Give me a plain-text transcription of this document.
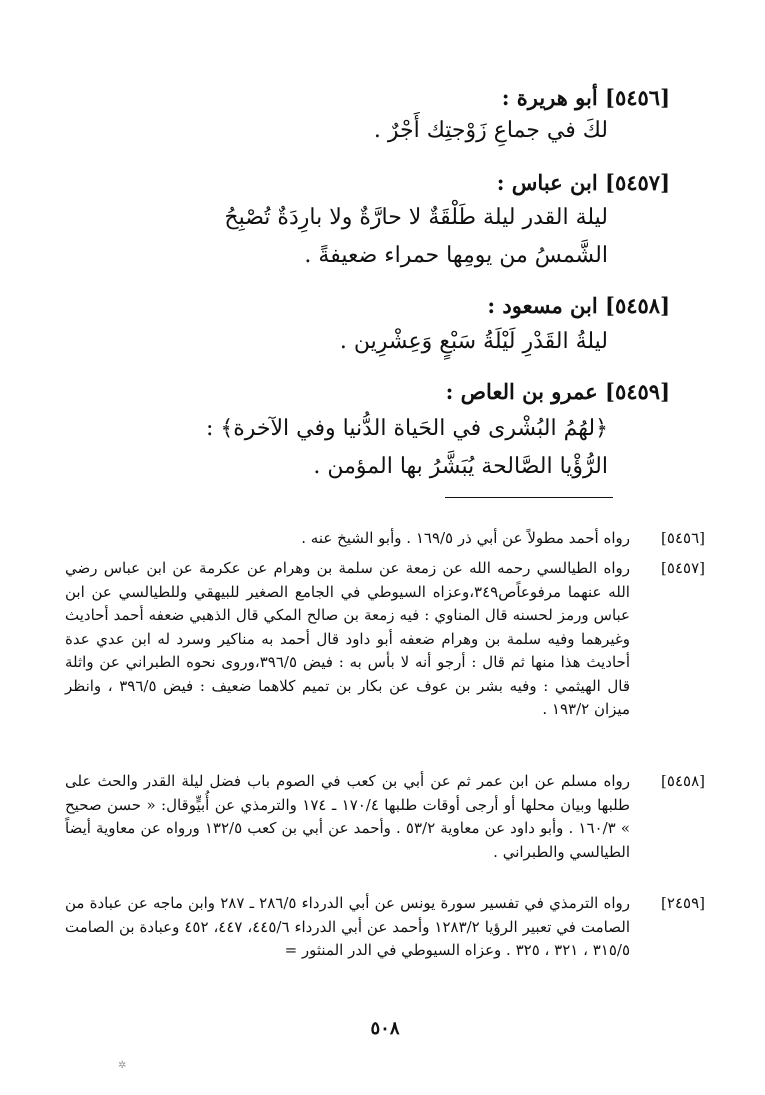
[٥٤٥٦] أبو هريرة :
لكَ في جماعِ زَوْجتِك أَجْرٌ .
[٥٤٥٧] ابن عباس :
ليلة القدر ليلة طَلْقَةٌ لا حارَّةٌ ولا بارِدَةٌ تُصْبِحُ الشَّمسُ من يومِها حمراء ضعيفةً .
[٥٤٥٨] ابن مسعود :
ليلةُ القَدْرِ لَيْلَةُ سَبْعٍ وَعِشْرِين .
[٥٤٥٩] عمرو بن العاص :
﴿لهُمُ البُشْرى في الحَياة الدُّنيا وفي الآخرة﴾ : الرُّؤْيا الصَّالحة يُبَشَّرُ بها المؤمن .
[٥٤٥٦]
رواه أحمد مطولاً عن أبي ذر ١٦٩/٥ . وأبو الشيخ عنه .
[٥٤٥٧]
رواه الطيالسي رحمه الله عن زمعة عن سلمة بن وهرام عن عكرمة عن ابن عباس رضي الله عنهما مرفوعاًص٣٤٩،وعزاه السيوطي في الجامع الصغير للبيهقي وللطيالسي عن ابن عباس ورمز لحسنه قال المناوي : فيه زمعة بن صالح المكي قال الذهبي ضعفه أحمد أحاديث وغيرهما وفيه سلمة بن وهرام ضعفه أبو داود قال أحمد به مناكير وسرد له ابن عدي عدة أحاديث هذا منها ثم قال : أرجو أنه لا بأس به : فيض ٣٩٦/٥،وروى نحوه الطبراني عن واثلة قال الهيثمي : وفيه بشر بن عوف عن بكار بن تميم كلاهما ضعيف : فيض ٣٩٦/٥ ، وانظر ميزان ١٩٣/٢ .
[٥٤٥٨]
رواه مسلم عن ابن عمر ثم عن أبي بن كعب في الصوم باب فضل ليلة القدر والحث على طلبها وبيان محلها أو أرجى أوقات طلبها ١٧٠/٤ ـ ١٧٤ والترمذي عن أُبيٍّوقال: « حسن صحيح » ١٦٠/٣ . وأبو داود عن معاوية ٥٣/٢ . وأحمد عن أبي بن كعب ١٣٢/٥ ورواه عن معاوية أيضاً الطيالسي والطبراني .
[٢٤٥٩]
رواه الترمذي في تفسير سورة يونس عن أبي الدرداء ٢٨٦/٥ ـ ٢٨٧ وابن ماجه عن عبادة من الصامت في تعبير الرؤيا ١٢٨٣/٢ وأحمد عن أبي الدرداء ٤٤٥/٦، ٤٤٧، ٤٥٢ وعبادة بن الصامت ٣١٥/٥ ، ٣٢١ ، ٣٢٥ . وعزاه السيوطي في الدر المنثور =
٥٠٨
✲
